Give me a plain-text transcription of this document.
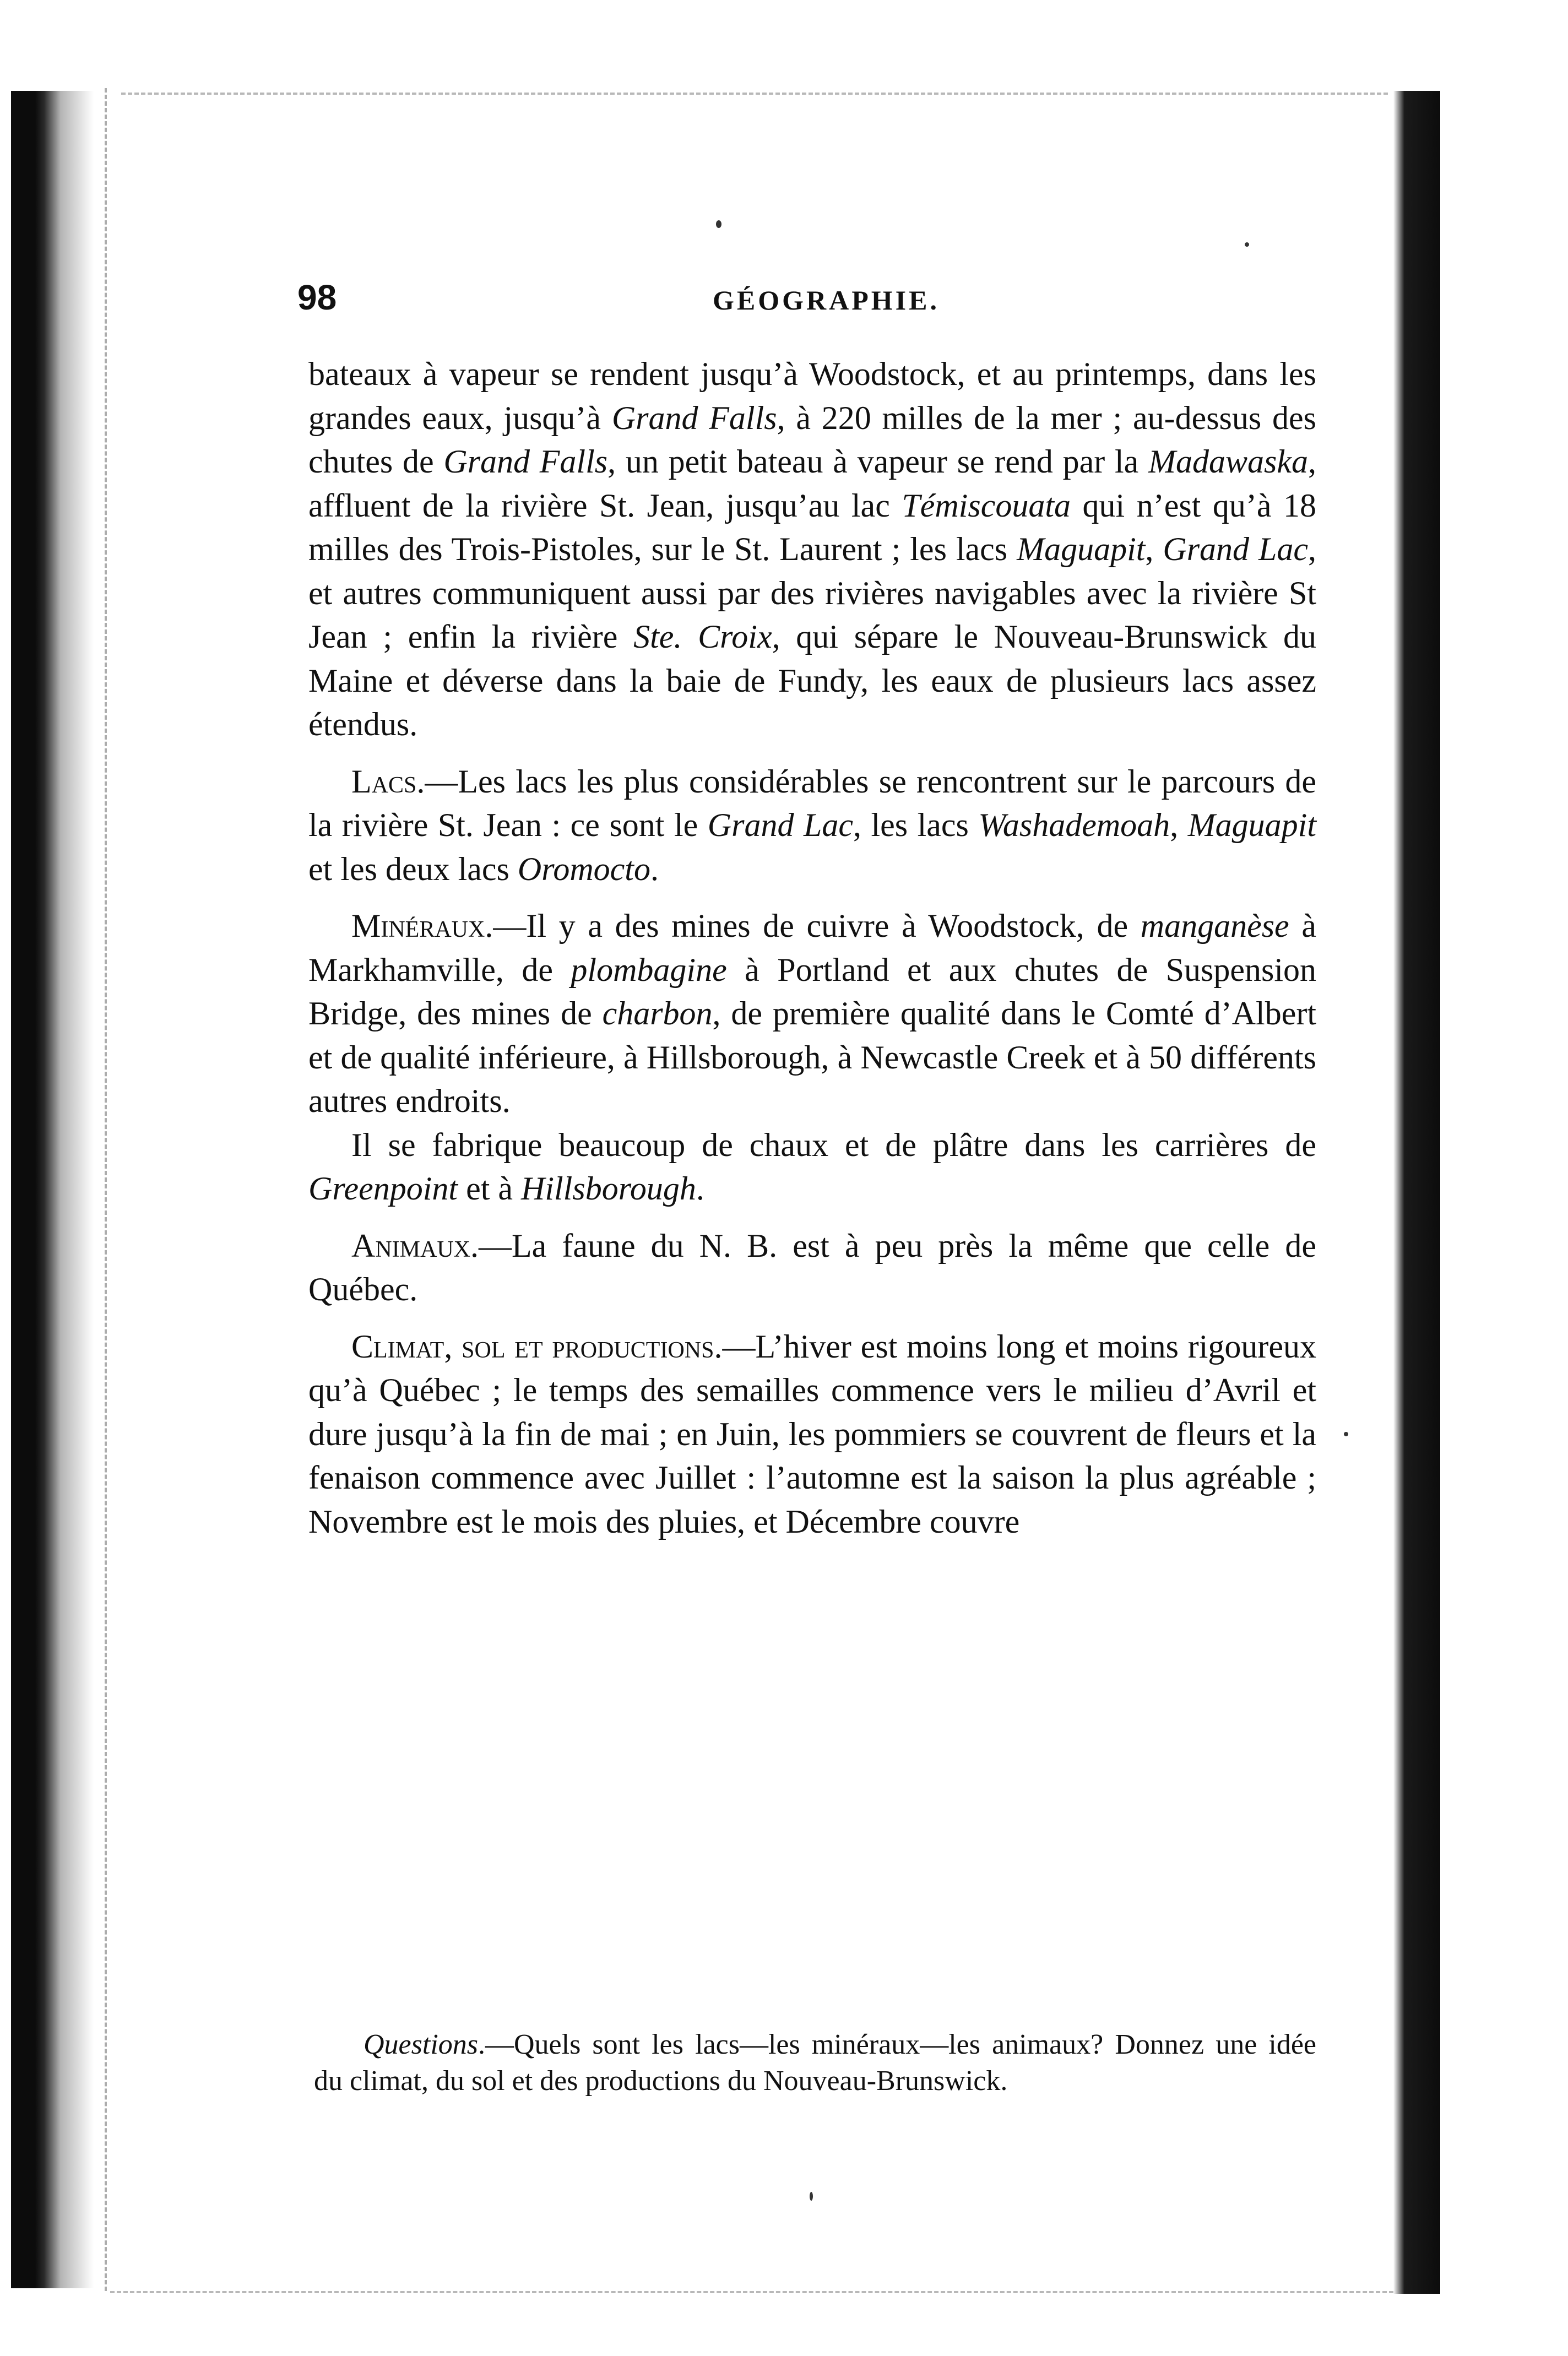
98	GÉOGRAPHIE.

bateaux à vapeur se rendent jusqu’à Woodstock, et au printemps, dans les grandes eaux, jusqu’à Grand Falls, à 220 milles de la mer ; au-dessus des chutes de Grand Falls, un petit bateau à vapeur se rend par la Madawaska, affluent de la rivière St. Jean, jusqu’au lac Témiscouata qui n’est qu’à 18 milles des Trois-Pistoles, sur le St. Laurent ; les lacs Maguapit, Grand Lac, et autres communiquent aussi par des rivières navigables avec la rivière St Jean ; enfin la rivière Ste. Croix, qui sépare le Nouveau-Brunswick du Maine et déverse dans la baie de Fundy, les eaux de plusieurs lacs assez étendus.

Lacs.—Les lacs les plus considérables se rencontrent sur le parcours de la rivière St. Jean : ce sont le Grand Lac, les lacs Washademoah, Maguapit et les deux lacs Oromocto.

Minéraux.—Il y a des mines de cuivre à Woodstock, de manganèse à Markhamville, de plombagine à Portland et aux chutes de Suspension Bridge, des mines de charbon, de première qualité dans le Comté d’Albert et de qualité inférieure, à Hillsborough, à Newcastle Creek et à 50 différents autres endroits.

Il se fabrique beaucoup de chaux et de plâtre dans les carrières de Greenpoint et à Hillsborough.

Animaux.—La faune du N. B. est à peu près la même que celle de Québec.

Climat, sol et productions.—L’hiver est moins long et moins rigoureux qu’à Québec ; le temps des semailles commence vers le milieu d’Avril et dure jusqu’à la fin de mai ; en Juin, les pommiers se couvrent de fleurs et la fenaison commence avec Juillet : l’automne est la saison la plus agréable ; Novembre est le mois des pluies, et Décembre couvre

Questions.—Quels sont les lacs—les minéraux—les animaux? Donnez une idée du climat, du sol et des productions du Nouveau-Brunswick.
